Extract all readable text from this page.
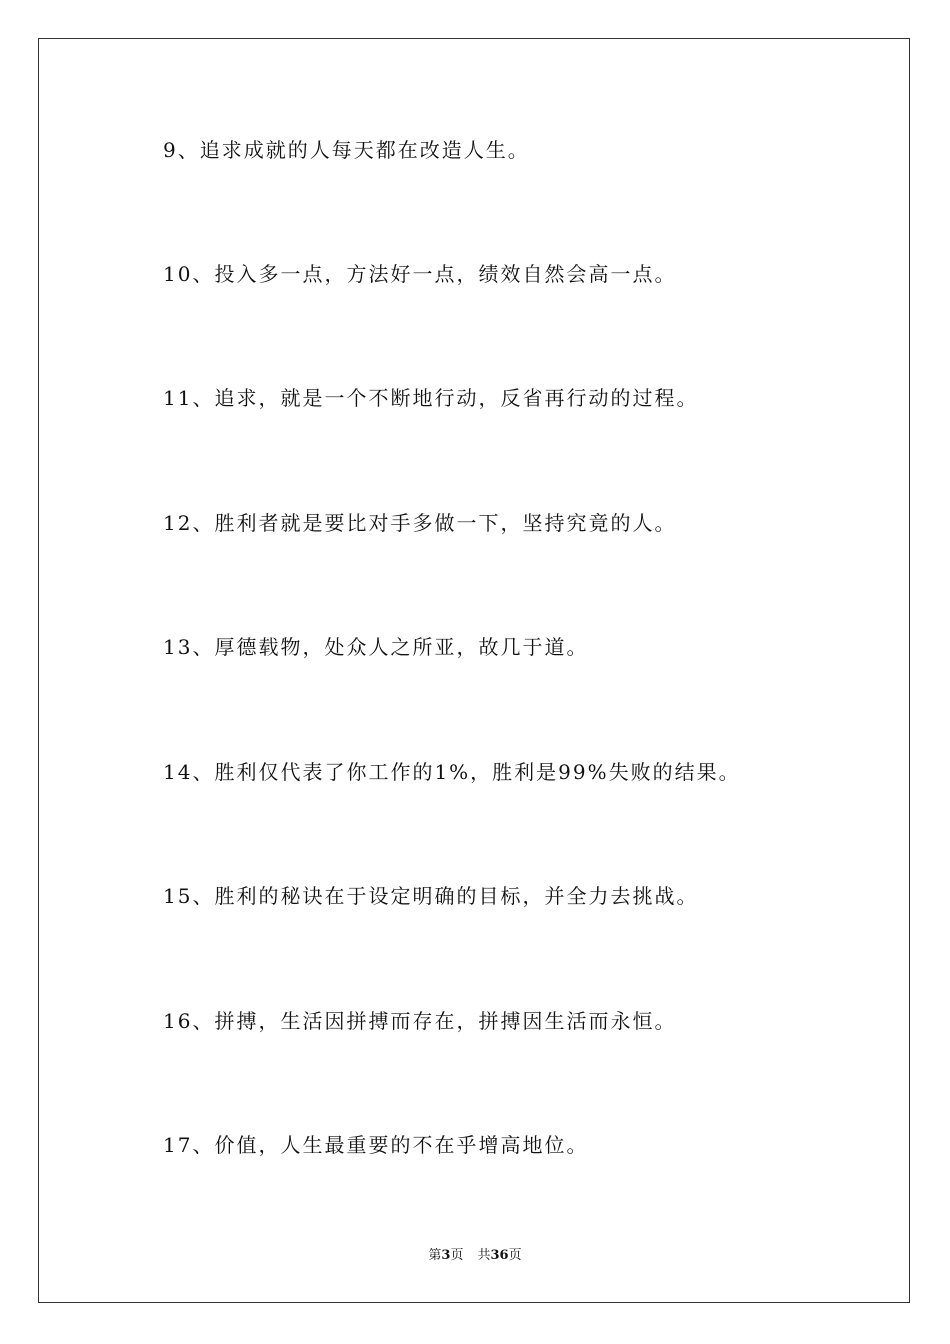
9、追求成就的人每天都在改造人生。
10、投入多一点，方法好一点，绩效自然会高一点。
11、追求，就是一个不断地行动，反省再行动的过程。
12、胜利者就是要比对手多做一下，坚持究竟的人。
13、厚德载物，处众人之所亚，故几于道。
14、胜利仅代表了你工作的1%，胜利是99%失败的结果。
15、胜利的秘诀在于设定明确的目标，并全力去挑战。
16、拼搏，生活因拼搏而存在，拼搏因生活而永恒。
17、价值，人生最重要的不在乎增高地位。
第3页 共36页
